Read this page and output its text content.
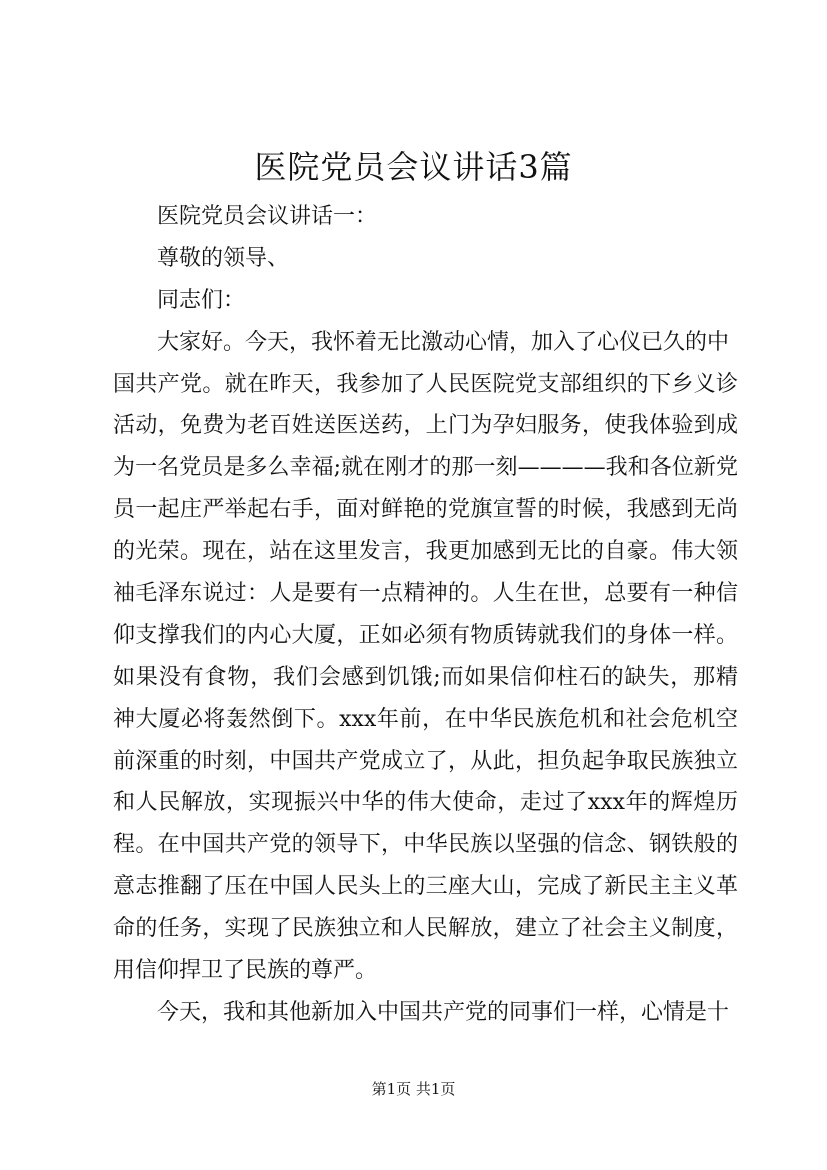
医院党员会议讲话3篇
医院党员会议讲话一：
尊敬的领导、
同志们：
大家好。今天，我怀着无比激动心情，加入了心仪已久的中
国共产党。就在昨天，我参加了人民医院党支部组织的下乡义诊
活动，免费为老百姓送医送药，上门为孕妇服务，使我体验到成
为一名党员是多么幸福;就在刚才的那一刻————我和各位新党
员一起庄严举起右手，面对鲜艳的党旗宣誓的时候，我感到无尚
的光荣。现在，站在这里发言，我更加感到无比的自豪。伟大领
袖毛泽东说过：人是要有一点精神的。人生在世，总要有一种信
仰支撑我们的内心大厦，正如必须有物质铸就我们的身体一样。
如果没有食物，我们会感到饥饿;而如果信仰柱石的缺失，那精
神大厦必将轰然倒下。xxx年前，在中华民族危机和社会危机空
前深重的时刻，中国共产党成立了，从此，担负起争取民族独立
和人民解放，实现振兴中华的伟大使命，走过了xxx年的辉煌历
程。在中国共产党的领导下，中华民族以坚强的信念、钢铁般的
意志推翻了压在中国人民头上的三座大山，完成了新民主主义革
命的任务，实现了民族独立和人民解放，建立了社会主义制度，
用信仰捍卫了民族的尊严。
今天，我和其他新加入中国共产党的同事们一样，心情是十
第1页 共1页
